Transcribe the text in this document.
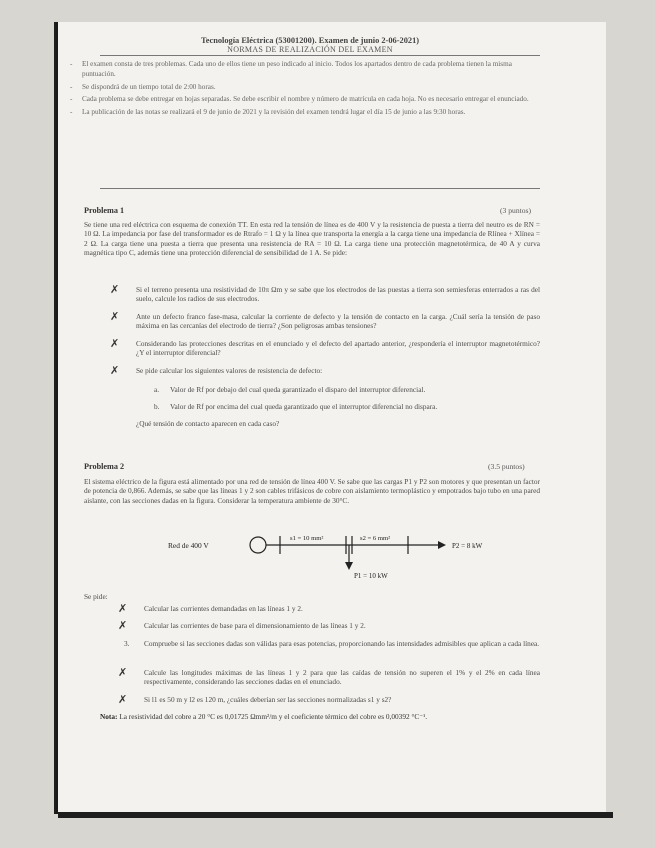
Tecnología Eléctrica (53001200). Examen de junio 2-06-2021)
NORMAS DE REALIZACIÓN DEL EXAMEN
- El examen consta de tres problemas. Cada uno de ellos tiene un peso indicado al inicio. Todos los apartados dentro de cada problema tienen la misma puntuación.
- Se dispondrá de un tiempo total de 2:00 horas.
- Cada problema se debe entregar en hojas separadas. Se debe escribir el nombre y número de matrícula en cada hoja. No es necesario entregar el enunciado.
- La publicación de las notas se realizará el 9 de junio de 2021 y la revisión del examen tendrá lugar el día 15 de junio a las 9:30 horas.
Problema 1	(3 puntos)

Se tiene una red eléctrica con esquema de conexión TT. En esta red la tensión de línea es de 400 V y la resistencia de puesta a tierra del neutro es de RN = 10 Ω. La impedancia por fase del transformador es de Rtrafo = 1 Ω y la línea que transporta la energía a la carga tiene una impedancia de Rlínea + Xlínea = 2 Ω. La carga tiene una puesta a tierra que presenta una resistencia de RA = 10 Ω. La carga tiene una protección magnetotérmica, de 40 A y curva magnética tipo C, además tiene una protección diferencial de sensibilidad de 1 A. Se pide:

✗ Si el terreno presenta una resistividad de 10π Ωm y se sabe que los electrodos de las puestas a tierra son semiesferas enterrados a ras del suelo, calcule los radios de sus electrodos.

✗ Ante un defecto franco fase-masa, calcular la corriente de defecto y la tensión de contacto en la carga. ¿Cuál sería la tensión de paso máxima en las cercanías del electrodo de tierra? ¿Son peligrosas ambas tensiones?

✗ Considerando las protecciones descritas en el enunciado y el defecto del apartado anterior, ¿respondería el interruptor magnetotérmico? ¿Y el interruptor diferencial?

✗ Se pide calcular los siguientes valores de resistencia de defecto:

a. Valor de Rf por debajo del cual queda garantizado el disparo del interruptor diferencial.

b. Valor de Rf por encima del cual queda garantizado que el interruptor diferencial no dispara.

¿Qué tensión de contacto aparecen en cada caso?

Problema 2	(3.5 puntos)

El sistema eléctrico de la figura está alimentado por una red de tensión de línea 400 V. Se sabe que las cargas P1 y P2 son motores y que presentan un factor de potencia de 0,866. Además, se sabe que las líneas 1 y 2 son cables trifásicos de cobre con aislamiento termoplástico y empotrados bajo tubo en una pared aislante, con las secciones dadas en la figura. Considerar la temperatura ambiente de 30°C.

Red de 400 V
s1 = 10 mm²	s2 = 6 mm²
P2 = 8 kW
P1 = 10 kW
Se pide:
✗ Calcular las corrientes demandadas en las líneas 1 y 2.

✗ Calcular las corrientes de base para el dimensionamiento de las líneas 1 y 2.

3. Compruebe si las secciones dadas son válidas para esas potencias, proporcionando las intensidades admisibles que aplican a cada línea.

✗ Calcule las longitudes máximas de las líneas 1 y 2 para que las caídas de tensión no superen el 1% y el 2% en cada línea respectivamente, considerando las secciones dadas en el enunciado.

✗ Si l1 es 50 m y l2 es 120 m, ¿cuáles deberían ser las secciones normalizadas s1 y s2?

Nota: La resistividad del cobre a 20 °C es 0,01725 Ωmm²/m y el coeficiente térmico del cobre es 0,00392 °C⁻¹.
